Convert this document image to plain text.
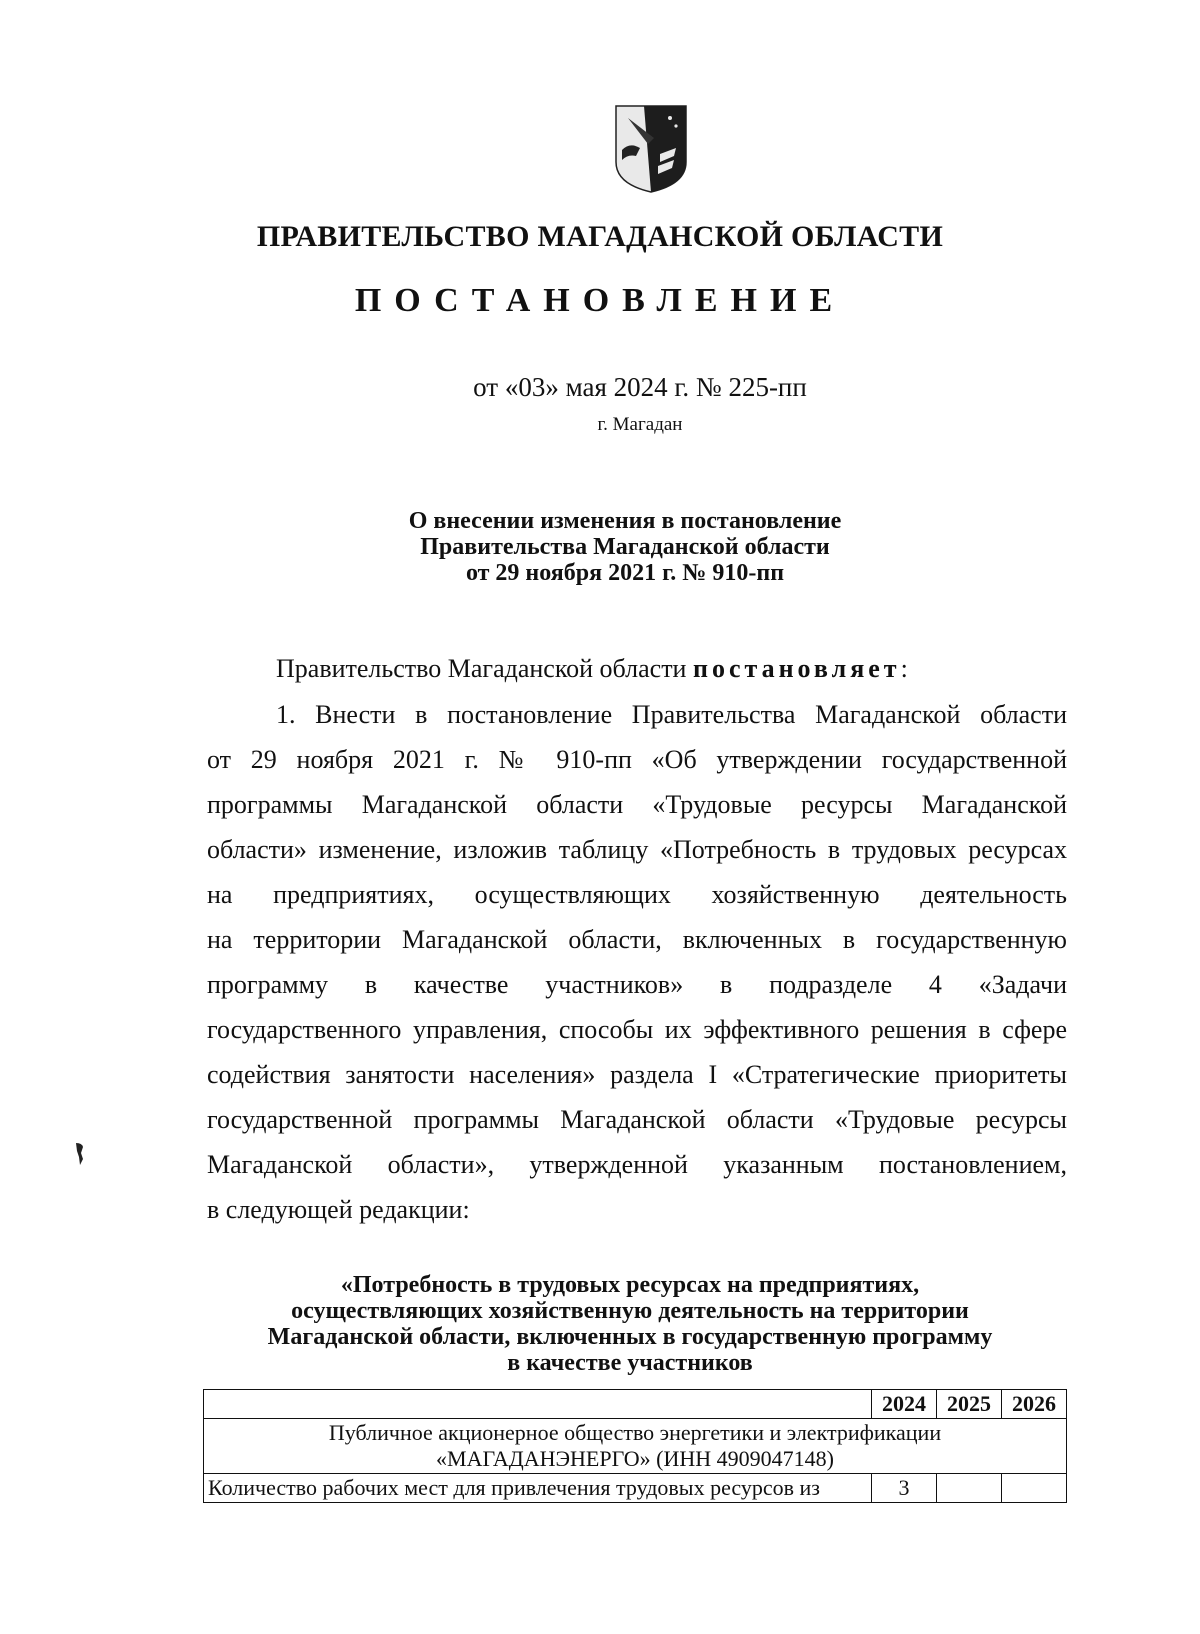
ПРАВИТЕЛЬСТВО МАГАДАНСКОЙ ОБЛАСТИ
ПОСТАНОВЛЕНИЕ
от «03» мая 2024 г. № 225-пп
г. Магадан
О внесении изменения в постановление
Правительства Магаданской области
от 29 ноября 2021 г. № 910-пп
Правительство Магаданской области постановляет:
1. Внести в постановление Правительства Магаданской области
от 29 ноября 2021 г. № 910-пп «Об утверждении государственной
программы Магаданской области «Трудовые ресурсы Магаданской
области» изменение, изложив таблицу «Потребность в трудовых ресурсах
на предприятиях, осуществляющих хозяйственную деятельность
на территории Магаданской области, включенных в государственную
программу в качестве участников» в подразделе 4 «Задачи
государственного управления, способы их эффективного решения в сфере
содействия занятости населения» раздела I «Стратегические приоритеты
государственной программы Магаданской области «Трудовые ресурсы
Магаданской области», утвержденной указанным постановлением,
в следующей редакции:
«Потребность в трудовых ресурсах на предприятиях,
осуществляющих хозяйственную деятельность на территории
Магаданской области, включенных в государственную программу
в качестве участников
	2024	2025	2026

Публичное акционерное общество энергетики и электрификации
«МАГАДАНЭНЕРГО» (ИНН 4909047148)			

Количество рабочих мест для привлечения трудовых ресурсов из	3		
